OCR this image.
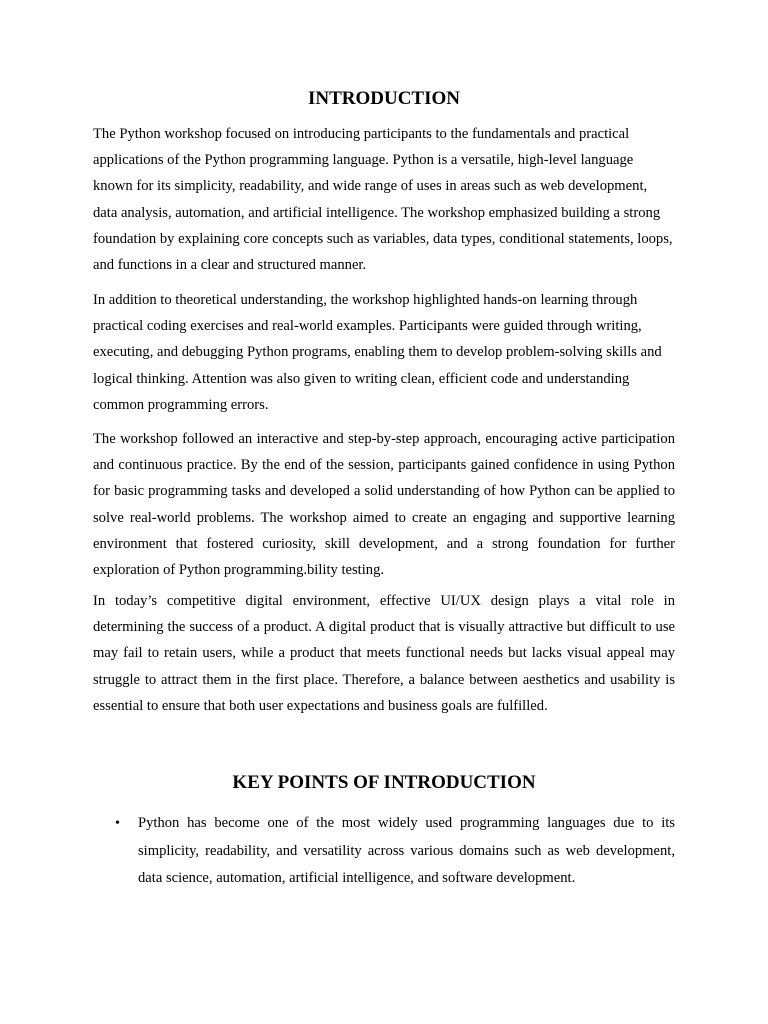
INTRODUCTION

The Python workshop focused on introducing participants to the fundamentals and practical applications of the Python programming language. Python is a versatile, high-level language known for its simplicity, readability, and wide range of uses in areas such as web development, data analysis, automation, and artificial intelligence. The workshop emphasized building a strong foundation by explaining core concepts such as variables, data types, conditional statements, loops, and functions in a clear and structured manner.

In addition to theoretical understanding, the workshop highlighted hands-on learning through practical coding exercises and real-world examples. Participants were guided through writing, executing, and debugging Python programs, enabling them to develop problem-solving skills and logical thinking. Attention was also given to writing clean, efficient code and understanding common programming errors.

The workshop followed an interactive and step-by-step approach, encouraging active participation and continuous practice. By the end of the session, participants gained confidence in using Python for basic programming tasks and developed a solid understanding of how Python can be applied to solve real-world problems. The workshop aimed to create an engaging and supportive learning environment that fostered curiosity, skill development, and a strong foundation for further exploration of Python programming.bility testing.

In today’s competitive digital environment, effective UI/UX design plays a vital role in determining the success of a product. A digital product that is visually attractive but difficult to use may fail to retain users, while a product that meets functional needs but lacks visual appeal may struggle to attract them in the first place. Therefore, a balance between aesthetics and usability is essential to ensure that both user expectations and business goals are fulfilled.

KEY POINTS OF INTRODUCTION
• Python has become one of the most widely used programming languages due to its simplicity, readability, and versatility across various domains such as web development, data science, automation, artificial intelligence, and software development.
